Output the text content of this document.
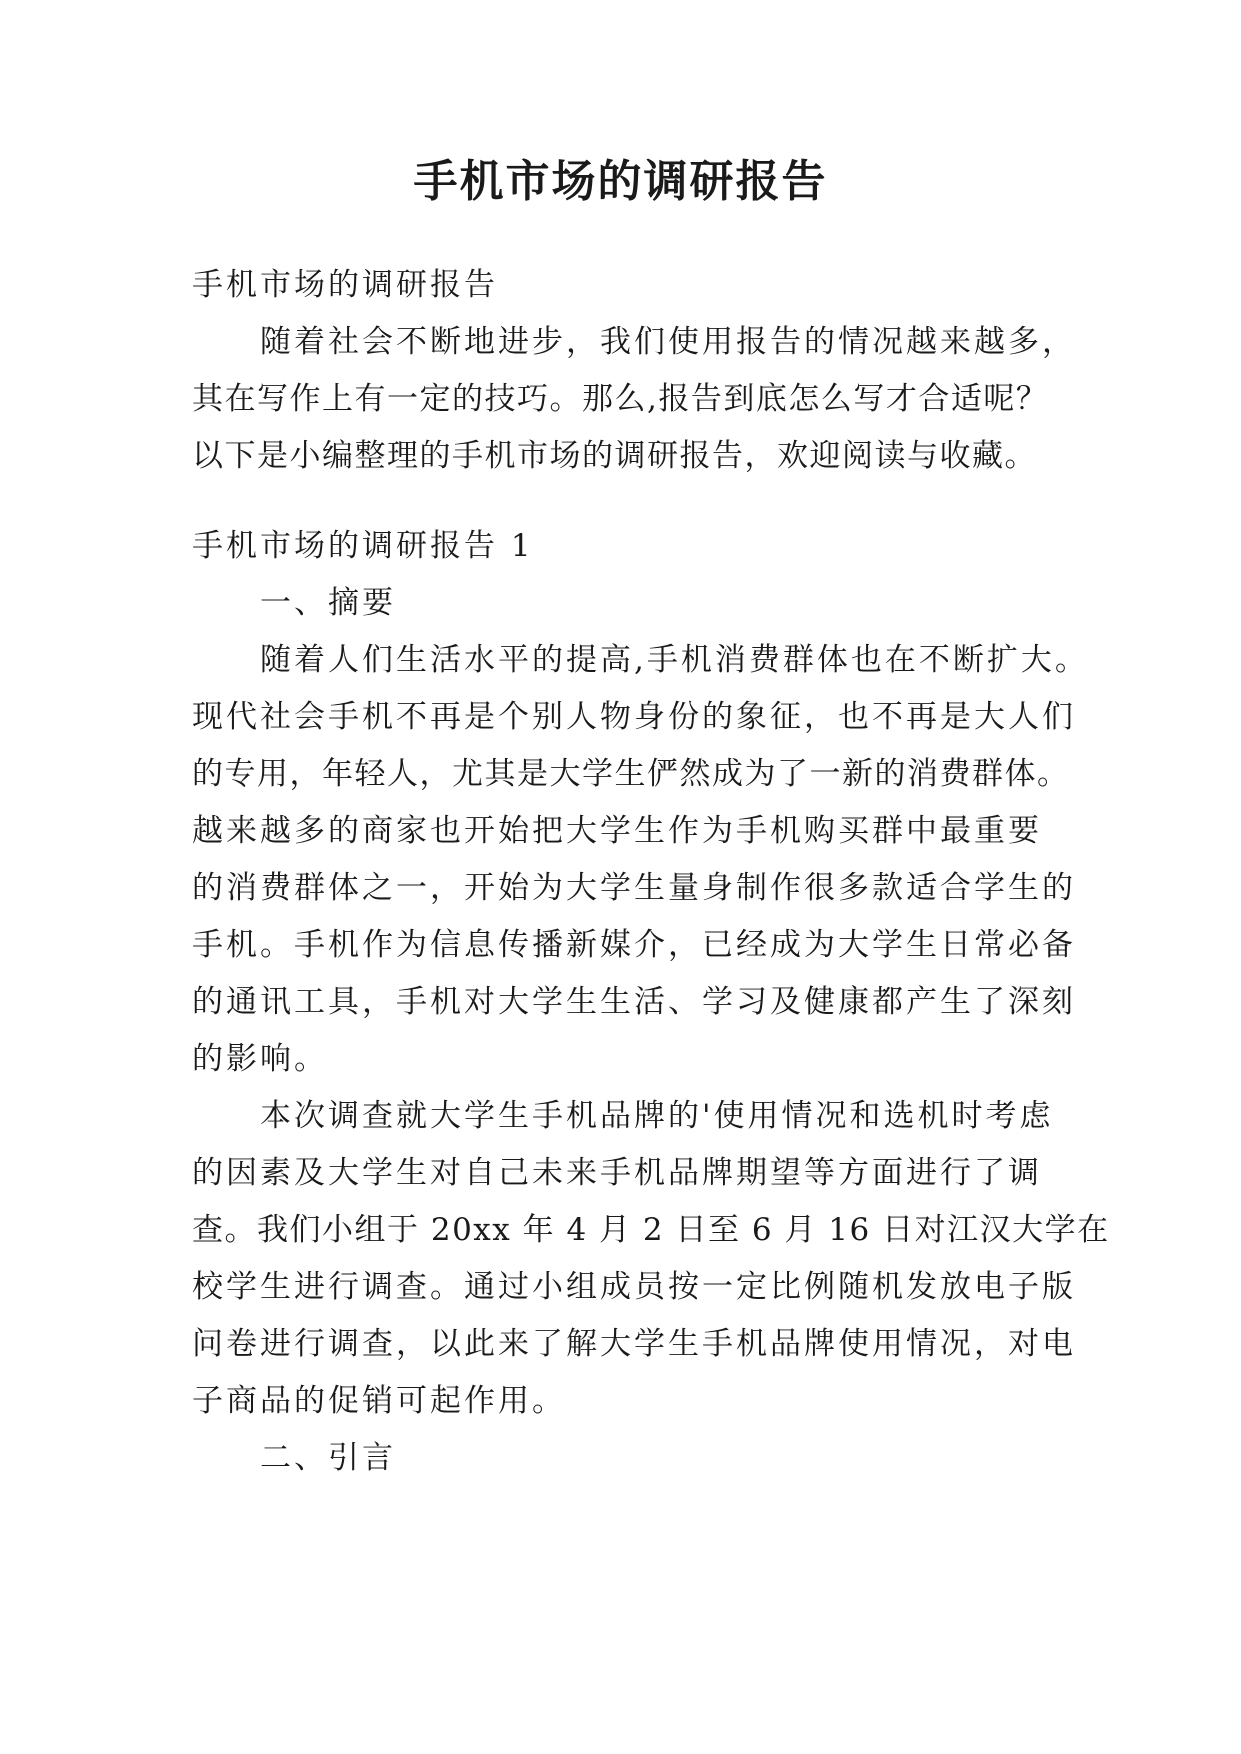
手机市场的调研报告

手机市场的调研报告

随着社会不断地进步，我们使用报告的情况越来越多，

其在写作上有一定的技巧。那么,报告到底怎么写才合适呢？

以下是小编整理的手机市场的调研报告，欢迎阅读与收藏。

手机市场的调研报告 1

一、摘要

随着人们生活水平的提高,手机消费群体也在不断扩大。

现代社会手机不再是个别人物身份的象征，也不再是大人们

的专用，年轻人，尤其是大学生俨然成为了一新的消费群体。

越来越多的商家也开始把大学生作为手机购买群中最重要

的消费群体之一，开始为大学生量身制作很多款适合学生的

手机。手机作为信息传播新媒介，已经成为大学生日常必备

的通讯工具，手机对大学生生活、学习及健康都产生了深刻

的影响。

本次调查就大学生手机品牌的'使用情况和选机时考虑

的因素及大学生对自己未来手机品牌期望等方面进行了调

查。我们小组于 20xx 年 4 月 2 日至 6 月 16 日对江汉大学在

校学生进行调查。通过小组成员按一定比例随机发放电子版

问卷进行调查，以此来了解大学生手机品牌使用情况，对电

子商品的促销可起作用。

二、引言
